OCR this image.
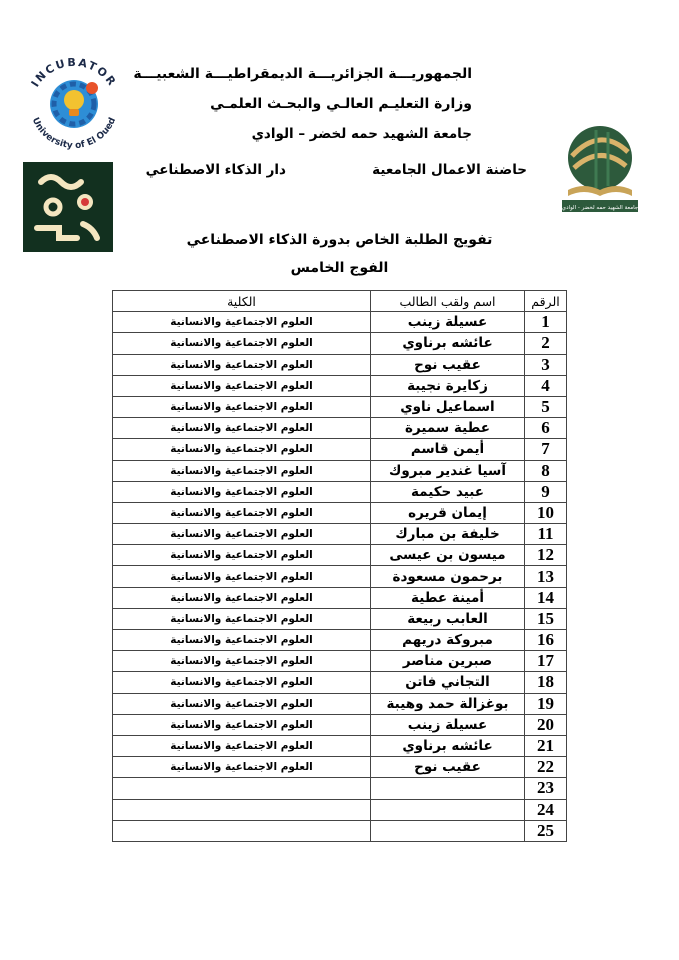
INCUBATOR
University of El Oued
جامعة الشهيد حمه لخضر - الوادي
الجمهوريـــة الجزائريـــة الديمقراطيـــة الشعبيـــة
وزارة التعليـم العالـي والبحـث العلمـي
جامعة الشهيد حمه لخضر – الوادي
حاضنة الاعمال الجامعية
دار الذكاء الاصطناعي
تفويج الطلبة الخاص بدورة الذكاء الاصطناعي
الفوج الخامس
الرقم	اسم ولقب الطالب	الكلية
1	عسيلة زينب	العلوم الاجتماعية والانسانية
2	عائشه برناوي	العلوم الاجتماعية والانسانية
3	عقيب نوح	العلوم الاجتماعية والانسانية
4	زكايرة نجيبة	العلوم الاجتماعية والانسانية
5	اسماعيل ناوي	العلوم الاجتماعية والانسانية
6	عطية سميرة	العلوم الاجتماعية والانسانية
7	أيمن قاسم	العلوم الاجتماعية والانسانية
8	آسيا غندير مبروك	العلوم الاجتماعية والانسانية
9	عبيد حكيمة	العلوم الاجتماعية والانسانية
10	إيمان قريره	العلوم الاجتماعية والانسانية
11	خليفة بن مبارك	العلوم الاجتماعية والانسانية
12	ميسون بن عيسى	العلوم الاجتماعية والانسانية
13	برحمون مسعودة	العلوم الاجتماعية والانسانية
14	أمينة عطية	العلوم الاجتماعية والانسانية
15	العابب ربيعة	العلوم الاجتماعية والانسانية
16	مبروكة دريهم	العلوم الاجتماعية والانسانية
17	صبرين مناصر	العلوم الاجتماعية والانسانية
18	التجاني فاتن	العلوم الاجتماعية والانسانية
19	بوغزالة حمد وهيبة	العلوم الاجتماعية والانسانية
20	عسيلة زينب	العلوم الاجتماعية والانسانية
21	عائشه برناوي	العلوم الاجتماعية والانسانية
22	عقيب نوح	العلوم الاجتماعية والانسانية
23		
24		
25		
